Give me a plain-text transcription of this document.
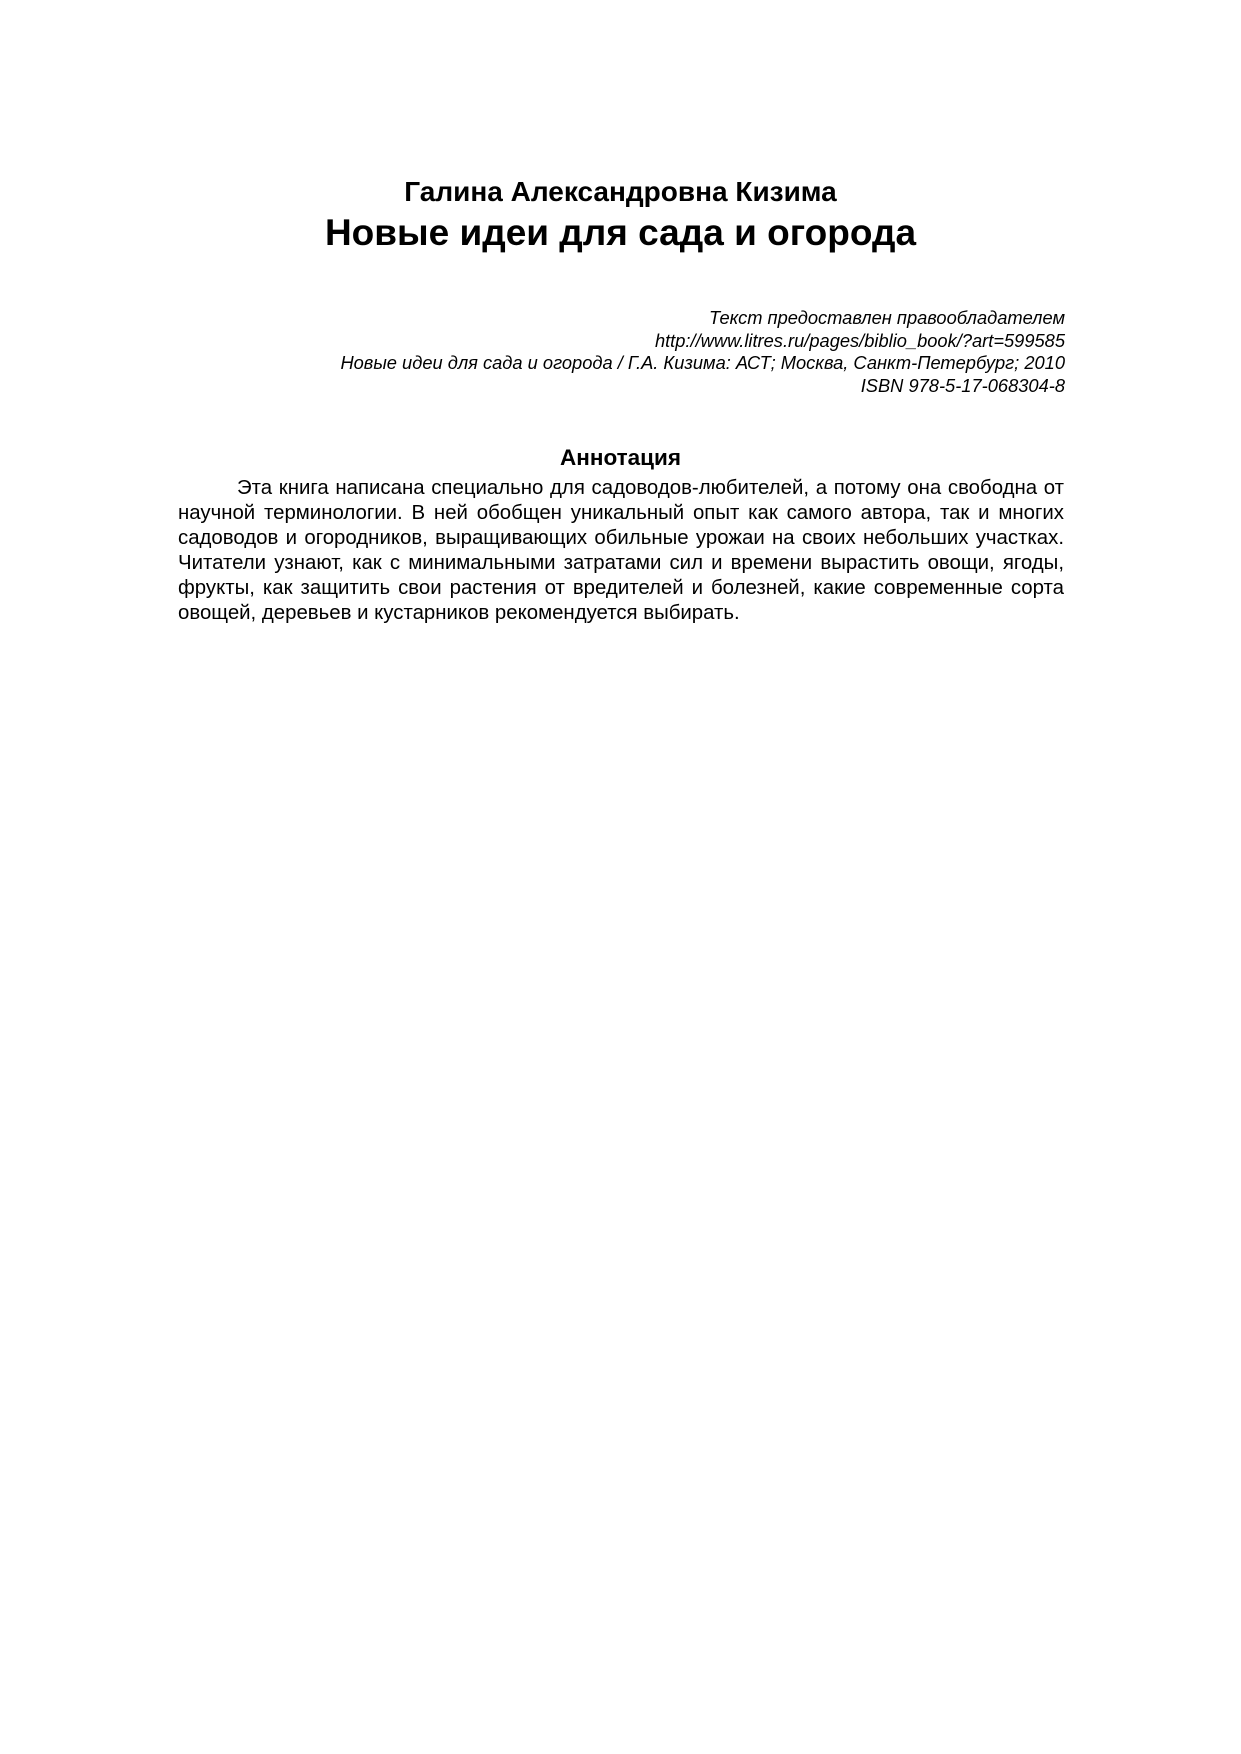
Галина Александровна Кизима
Новые идеи для сада и огорода
Текст предоставлен правообладателем
http://www.litres.ru/pages/biblio_book/?art=599585
Новые идеи для сада и огорода / Г.А. Кизима: АСТ; Москва, Санкт-Петербург; 2010
ISBN 978-5-17-068304-8
Аннотация
Эта книга написана специально для садоводов-любителей, а потому она свободна от научной терминологии. В ней обобщен уникальный опыт как самого автора, так и многих садоводов и огородников, выращивающих обильные урожаи на своих небольших участках. Читатели узнают, как с минимальными затратами сил и времени вырастить овощи, ягоды, фрукты, как защитить свои растения от вредителей и болезней, какие современные сорта овощей, деревьев и кустарников рекомендуется выбирать.
